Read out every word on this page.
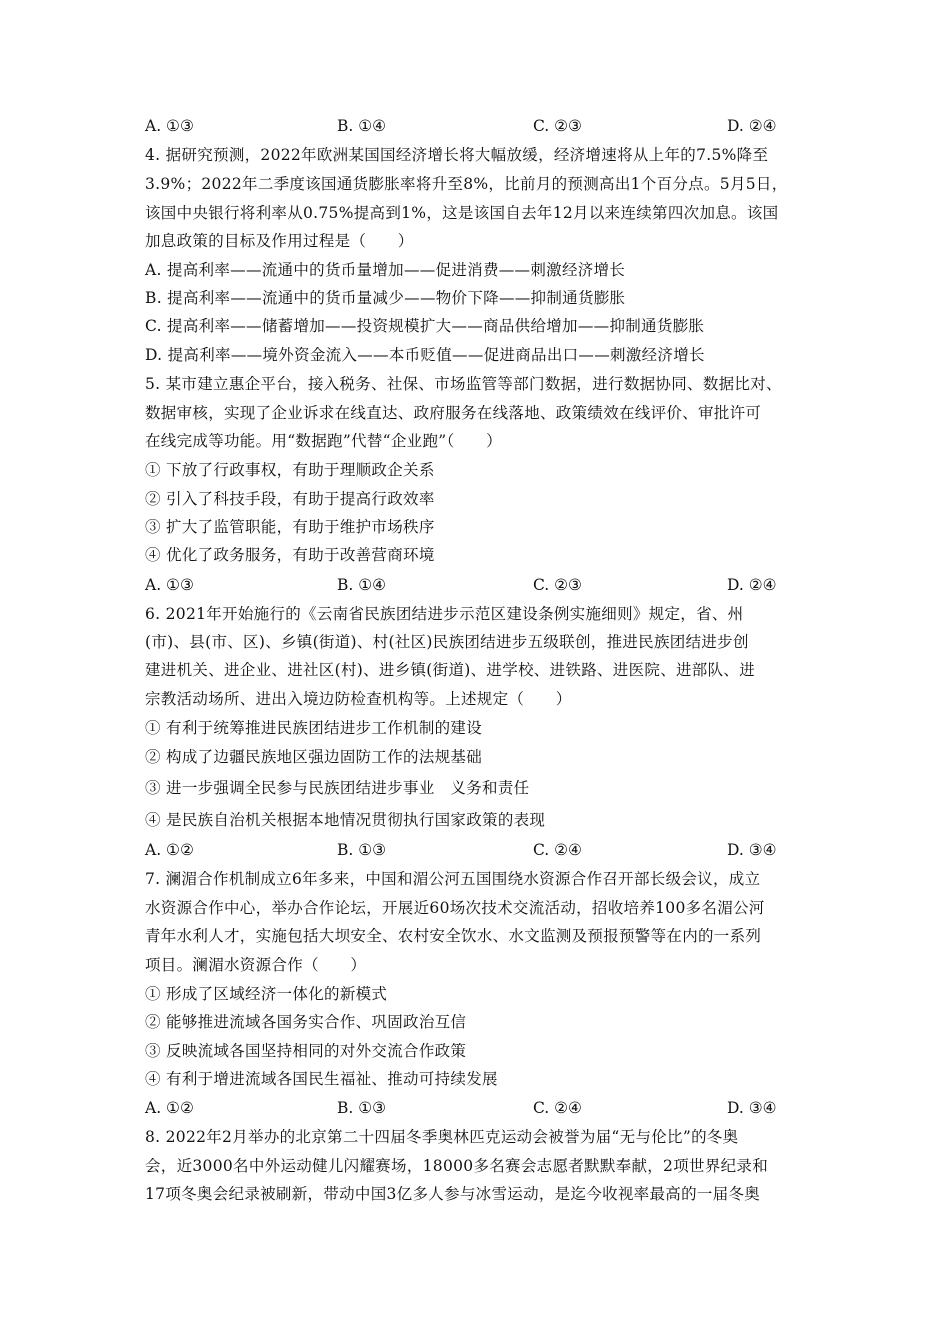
A. ①③	B. ①④	C. ②③	D. ②④
4. 据研究预测，2022年欧洲某国国经济增长将大幅放缓，经济增速将从上年的7.5%降至
3.9%；2022年二季度该国通货膨胀率将升至8%，比前月的预测高出1个百分点。5月5日，
该国中央银行将利率从0.75%提高到1%，这是该国自去年12月以来连续第四次加息。该国
加息政策的目标及作用过程是（　　）
A. 提高利率——流通中的货币量增加——促进消费——刺激经济增长
B. 提高利率——流通中的货币量减少——物价下降——抑制通货膨胀
C. 提高利率——储蓄增加——投资规模扩大——商品供给增加——抑制通货膨胀
D. 提高利率——境外资金流入——本币贬值——促进商品出口——刺激经济增长
5. 某市建立惠企平台，接入税务、社保、市场监管等部门数据，进行数据协同、数据比对、
数据审核，实现了企业诉求在线直达、政府服务在线落地、政策绩效在线评价、审批许可
在线完成等功能。用“数据跑”代替“企业跑”（　　）
① 下放了行政事权，有助于理顺政企关系
② 引入了科技手段，有助于提高行政效率
③ 扩大了监管职能，有助于维护市场秩序
④ 优化了政务服务，有助于改善营商环境
A. ①③	B. ①④	C. ②③	D. ②④
6. 2021年开始施行的《云南省民族团结进步示范区建设条例实施细则》规定，省、州
(市)、县(市、区)、乡镇(街道)、村(社区)民族团结进步五级联创，推进民族团结进步创
建进机关、进企业、进社区(村)、进乡镇(街道)、进学校、进铁路、进医院、进部队、进
宗教活动场所、进出入境边防检查机构等。上述规定（　　）
① 有利于统筹推进民族团结进步工作机制的建设
② 构成了边疆民族地区强边固防工作的法规基础
③ 进一步强调全民参与民族团结进步事业　义务和责任
④ 是民族自治机关根据本地情况贯彻执行国家政策的表现
A. ①②	B. ①③	C. ②④	D. ③④
7. 澜湄合作机制成立6年多来，中国和湄公河五国围绕水资源合作召开部长级会议，成立
水资源合作中心，举办合作论坛，开展近60场次技术交流活动，招收培养100多名湄公河
青年水利人才，实施包括大坝安全、农村安全饮水、水文监测及预报预警等在内的一系列
项目。澜湄水资源合作（　　）
① 形成了区域经济一体化的新模式
② 能够推进流域各国务实合作、巩固政治互信
③ 反映流域各国坚持相同的对外交流合作政策
④ 有利于增进流域各国民生福祉、推动可持续发展
A. ①②	B. ①③	C. ②④	D. ③④
8. 2022年2月举办的北京第二十四届冬季奥林匹克运动会被誉为届“无与伦比”的冬奥
会，近3000名中外运动健儿闪耀赛场，18000多名赛会志愿者默默奉献，2项世界纪录和
17项冬奥会纪录被刷新，带动中国3亿多人参与冰雪运动，是迄今收视率最高的一届冬奥
